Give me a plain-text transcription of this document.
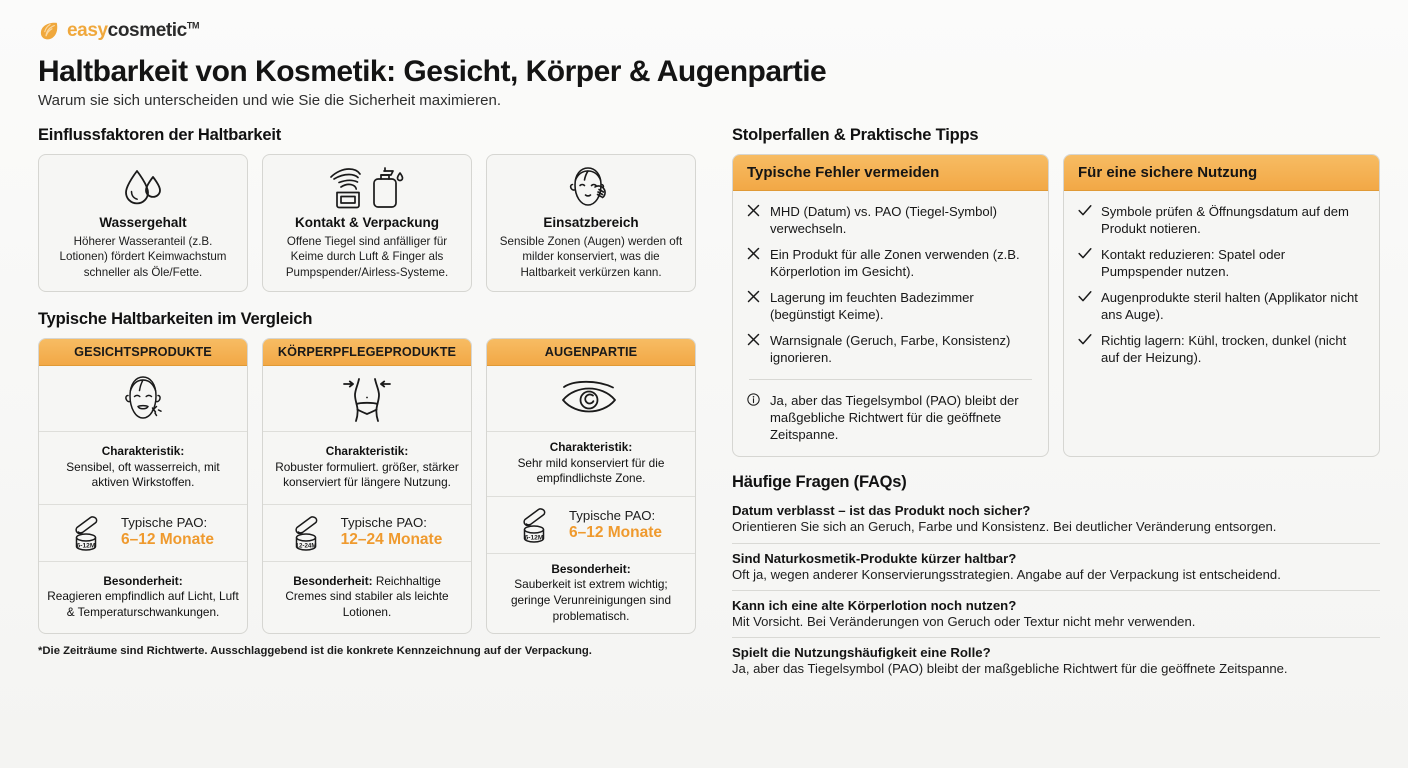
easycosmetic™
Haltbarkeit von Kosmetik: Gesicht, Körper & Augenpartie
Warum sie sich unterscheiden und wie Sie die Sicherheit maximieren.
Einflussfaktoren der Haltbarkeit
Wassergehalt
Höherer Wasseranteil (z.B. Lotionen) fördert Keimwachstum schneller als Öle/Fette.
Kontakt & Verpackung
Offene Tiegel sind anfälliger für Keime durch Luft & Finger als Pumpspender/Airless-Systeme.
Einsatzbereich
Sensible Zonen (Augen) werden oft milder konserviert, was die Haltbarkeit verkürzen kann.
Typische Haltbarkeiten im Vergleich
GESICHTSPRODUKTE
Charakteristik:
Sensibel, oft wasserreich, mit aktiven Wirkstoffen.
6-12M
Typische PAO:
6–12 Monate
Besonderheit:
Reagieren empfindlich auf Licht, Luft & Temperaturschwankungen.
KÖRPERPFLEGEPRODUKTE
Charakteristik:
Robuster formuliert. größer, stärker konserviert für längere Nutzung.
12-24M
Typische PAO:
12–24 Monate
Besonderheit: Reichhaltige Cremes sind stabiler als leichte Lotionen.
AUGENPARTIE
Charakteristik:
Sehr mild konserviert für die empfindlichste Zone.
6-12M
Typische PAO:
6–12 Monate
Besonderheit:
Sauberkeit ist extrem wichtig; geringe Verunreinigungen sind problematisch.
*Die Zeiträume sind Richtwerte. Ausschlaggebend ist die konkrete Kennzeichnung auf der Verpackung.
Stolperfallen & Praktische Tipps
Typische Fehler vermeiden
MHD (Datum) vs. PAO (Tiegel-Symbol) verwechseln.
Ein Produkt für alle Zonen verwenden (z.B. Körperlotion im Gesicht).
Lagerung im feuchten Badezimmer (begünstigt Keime).
Warnsignale (Geruch, Farbe, Konsistenz) ignorieren.
Ja, aber das Tiegelsymbol (PAO) bleibt der maßgebliche Richtwert für die geöffnete Zeitspanne.
Für eine sichere Nutzung
Symbole prüfen & Öffnungsdatum auf dem Produkt notieren.
Kontakt reduzieren: Spatel oder Pumpspender nutzen.
Augenprodukte steril halten (Applikator nicht ans Auge).
Richtig lagern: Kühl, trocken, dunkel (nicht auf der Heizung).
Häufige Fragen (FAQs)
Datum verblasst – ist das Produkt noch sicher?
Orientieren Sie sich an Geruch, Farbe und Konsistenz. Bei deutlicher Veränderung entsorgen.
Sind Naturkosmetik-Produkte kürzer haltbar?
Oft ja, wegen anderer Konservierungsstrategien. Angabe auf der Verpackung ist entscheidend.
Kann ich eine alte Körperlotion noch nutzen?
Mit Vorsicht. Bei Veränderungen von Geruch oder Textur nicht mehr verwenden.
Spielt die Nutzungshäufigkeit eine Rolle?
Ja, aber das Tiegelsymbol (PAO) bleibt der maßgebliche Richtwert für die geöffnete Zeitspanne.
